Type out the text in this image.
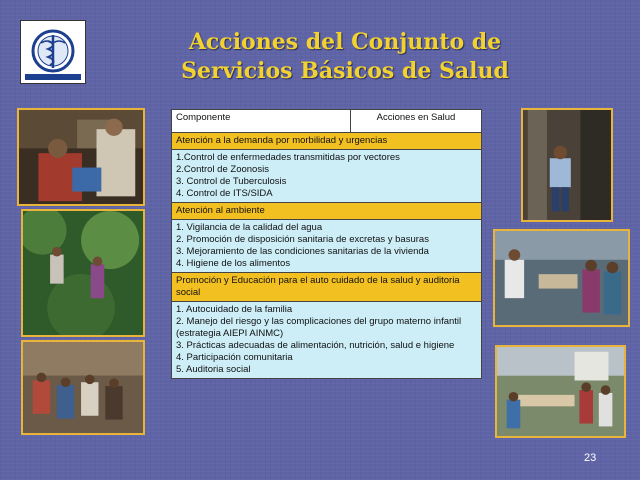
Acciones del Conjunto de
Servicios Básicos de Salud
Componente	Acciones en Salud
Atención a la demanda por morbilidad y urgencias

1.Control de enfermedades transmitidas por vectores
2.Control de Zoonosis
3. Control de Tuberculosis
4. Control de ITS/SIDA

Atención al ambiente

1. Vigilancia de la calidad del agua
2. Promoción de disposición sanitaria de excretas y basuras
3. Mejoramiento de las condiciones sanitarias de la vivienda
4. Higiene de los alimentos

Promoción y Educación para el auto cuidado de la salud y auditoria social

1. Autocuidado de la familia
2. Manejo del riesgo y las complicaciones del grupo materno infantil (estrategia AIEPI AINMC)
3. Prácticas adecuadas de alimentación, nutrición, salud e higiene
4. Participación comunitaria
5. Auditoria social
23
